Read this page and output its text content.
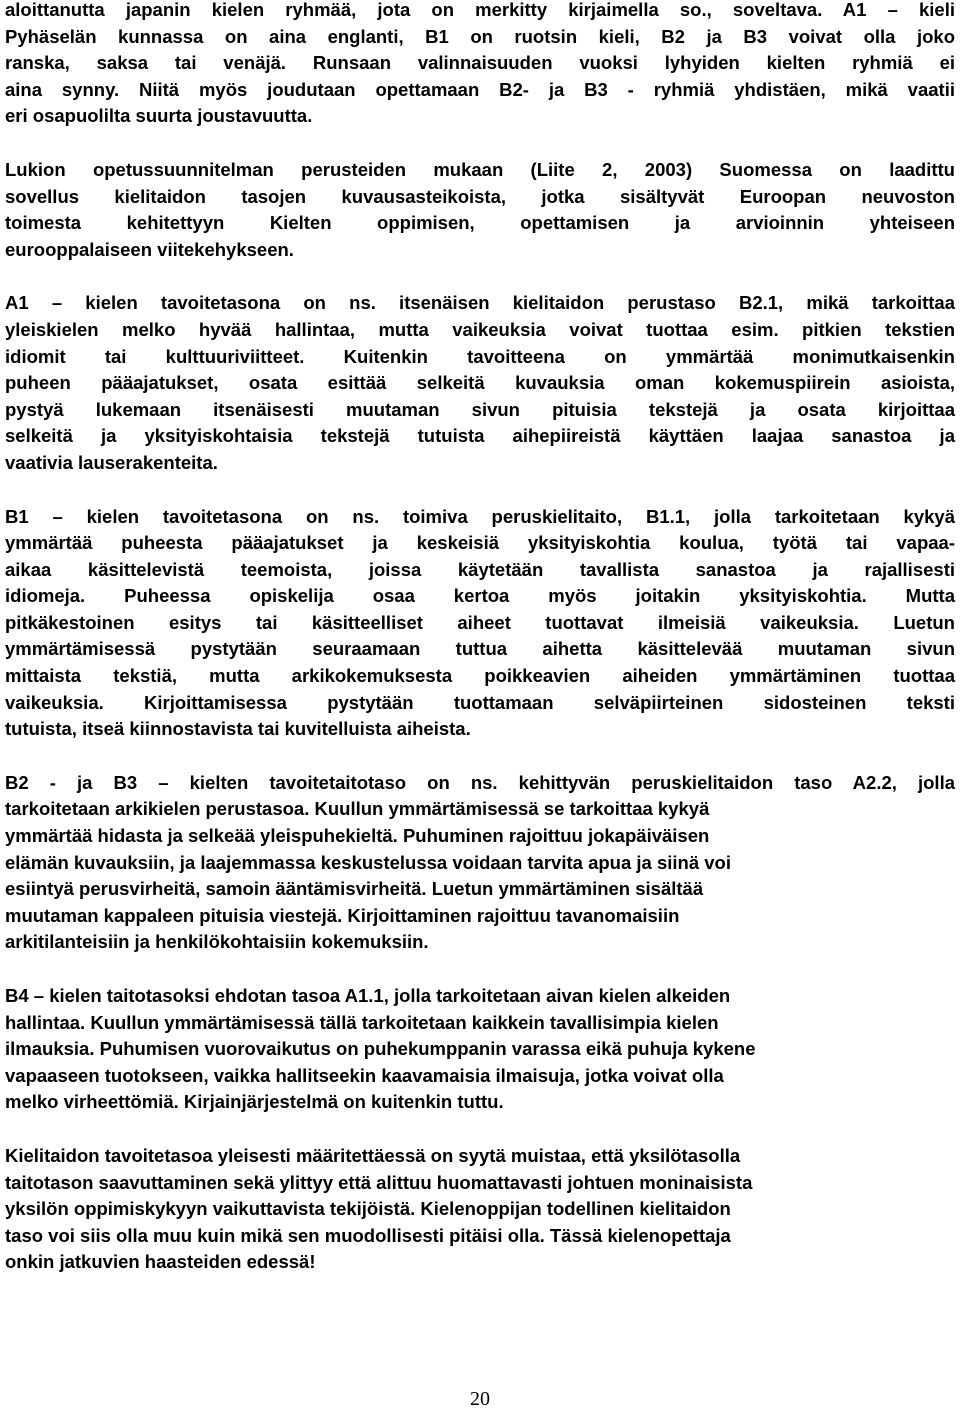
aloittanutta japanin kielen ryhmää, jota on merkitty kirjaimella so., soveltava. A1 – kieli
Pyhäselän kunnassa on aina englanti, B1 on ruotsin kieli, B2 ja B3 voivat olla joko
ranska, saksa tai venäjä. Runsaan valinnaisuuden vuoksi lyhyiden kielten ryhmiä ei
aina synny. Niitä myös joudutaan opettamaan B2- ja B3 - ryhmiä yhdistäen, mikä vaatii
eri osapuolilta suurta joustavuutta.
Lukion opetussuunnitelman perusteiden mukaan (Liite 2, 2003) Suomessa on laadittu
sovellus kielitaidon tasojen kuvausasteikoista, jotka sisältyvät Euroopan neuvoston
toimesta kehitettyyn Kielten oppimisen, opettamisen ja arvioinnin yhteiseen
eurooppalaiseen viitekehykseen.
A1 – kielen tavoitetasona on ns. itsenäisen kielitaidon perustaso B2.1, mikä tarkoittaa
yleiskielen melko hyvää hallintaa, mutta vaikeuksia voivat tuottaa esim. pitkien tekstien
idiomit tai kulttuuriviitteet. Kuitenkin tavoitteena on ymmärtää monimutkaisenkin
puheen pääajatukset, osata esittää selkeitä kuvauksia oman kokemuspiirein asioista,
pystyä lukemaan itsenäisesti muutaman sivun pituisia tekstejä ja osata kirjoittaa
selkeitä ja yksityiskohtaisia tekstejä tutuista aihepiireistä käyttäen laajaa sanastoa ja
vaativia lauserakenteita.
B1 – kielen tavoitetasona on ns. toimiva peruskielitaito, B1.1, jolla tarkoitetaan kykyä
ymmärtää puheesta pääajatukset ja keskeisiä yksityiskohtia koulua, työtä tai vapaa-
aikaa käsittelevistä teemoista, joissa käytetään tavallista sanastoa ja rajallisesti
idiomeja. Puheessa opiskelija osaa kertoa myös joitakin yksityiskohtia. Mutta
pitkäkestoinen esitys tai käsitteelliset aiheet tuottavat ilmeisiä vaikeuksia. Luetun
ymmärtämisessä pystytään seuraamaan tuttua aihetta käsittelevää muutaman sivun
mittaista tekstiä, mutta arkikokemuksesta poikkeavien aiheiden ymmärtäminen tuottaa
vaikeuksia. Kirjoittamisessa pystytään tuottamaan selväpiirteinen sidosteinen teksti
tutuista, itseä kiinnostavista tai kuvitelluista aiheista.
B2 - ja B3 – kielten tavoitetaitotaso on ns. kehittyvän peruskielitaidon taso A2.2, jolla
tarkoitetaan arkikielen perustasoa. Kuullun ymmärtämisessä se tarkoittaa kykyä
ymmärtää hidasta ja selkeää yleispuhekieltä. Puhuminen rajoittuu jokapäiväisen
elämän kuvauksiin, ja laajemmassa keskustelussa voidaan tarvita apua ja siinä voi
esiintyä perusvirheitä, samoin ääntämisvirheitä. Luetun ymmärtäminen sisältää
muutaman kappaleen pituisia viestejä. Kirjoittaminen rajoittuu tavanomaisiin
arkitilanteisiin ja henkilökohtaisiin kokemuksiin.
B4 – kielen taitotasoksi ehdotan tasoa A1.1, jolla tarkoitetaan aivan kielen alkeiden
hallintaa. Kuullun ymmärtämisessä tällä tarkoitetaan kaikkein tavallisimpia kielen
ilmauksia. Puhumisen vuorovaikutus on puhekumppanin varassa eikä puhuja kykene
vapaaseen tuotokseen, vaikka hallitseekin kaavamaisia ilmaisuja, jotka voivat olla
melko virheettömiä. Kirjainjärjestelmä on kuitenkin tuttu.
Kielitaidon tavoitetasoa yleisesti määritettäessä on syytä muistaa, että yksilötasolla
taitotason saavuttaminen sekä ylittyy että alittuu huomattavasti johtuen moninaisista
yksilön oppimiskykyyn vaikuttavista tekijöistä. Kielenoppijan todellinen kielitaidon
taso voi siis olla muu kuin mikä sen muodollisesti pitäisi olla. Tässä kielenopettaja
onkin jatkuvien haasteiden edessä!
20
